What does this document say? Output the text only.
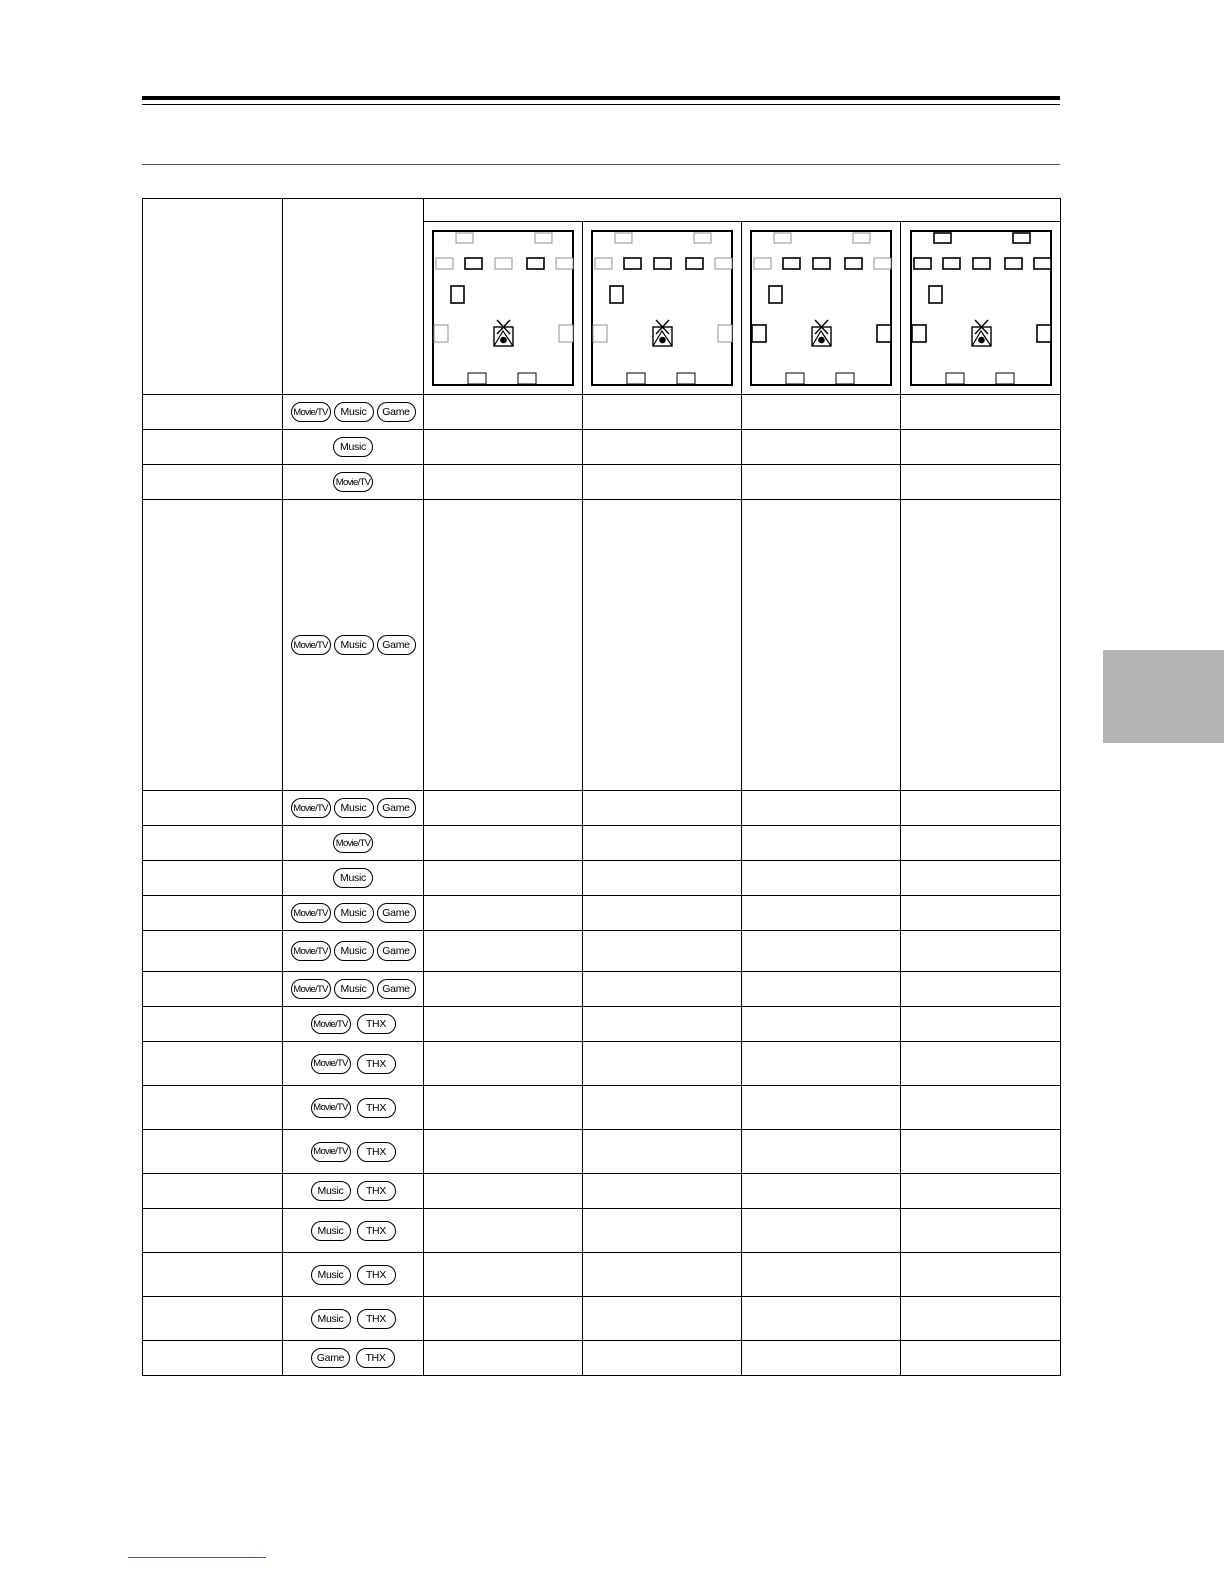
Movie/TV Music Game				

Music				

Movie/TV				

Movie/TV Music Game				

Movie/TV Music Game				

Movie/TV				

Music				

Movie/TV Music Game				

Movie/TV Music Game				

Movie/TV Music Game				

Movie/TV THX				

Movie/TV THX				

Movie/TV THX				

Movie/TV THX				

Music THX				

Music THX				

Music THX				

Music THX				

Game THX				
